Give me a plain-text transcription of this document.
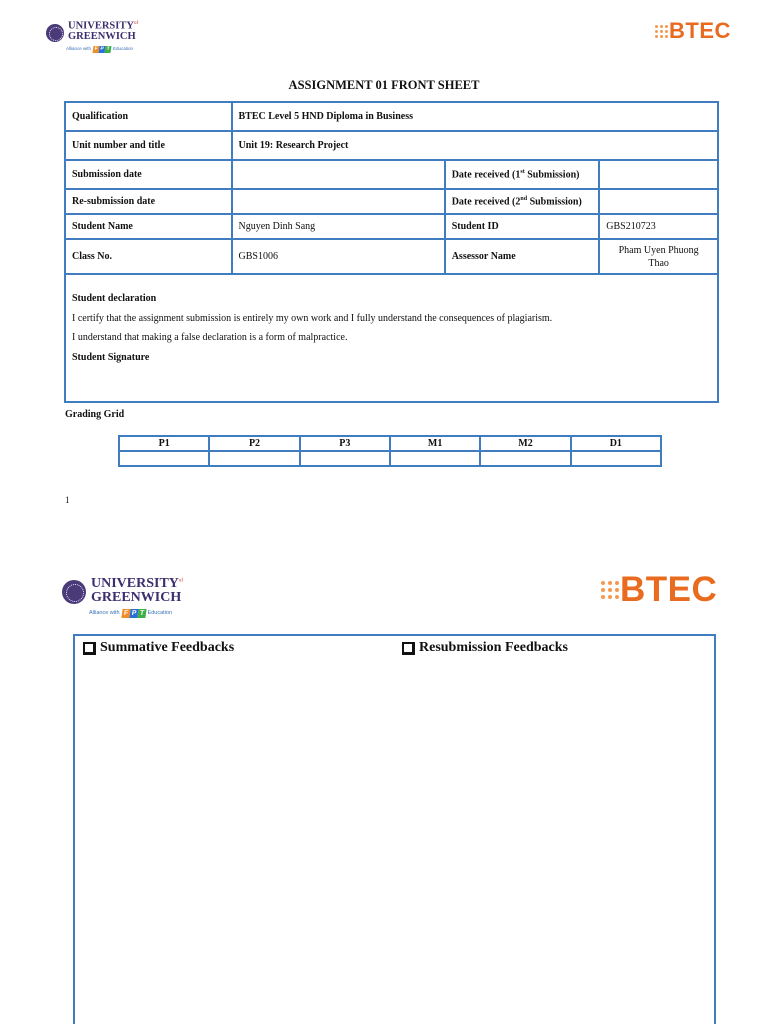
$UNIVERSITY^{of}$
GREENWICH
Alliance with F P T Education
BTEC
ASSIGNMENT 01 FRONT SHEET
Qualification	BTEC Level 5 HND Diploma in Business		
Unit number and title	Unit 19: Research Project		
Submission date		Date received (1st Submission)	
Re-submission date		Date received (2nd Submission)	
Student Name	Nguyen Dinh Sang	Student ID	GBS210723
Class No.	GBS1006	Assessor Name	Pham Uyen Phuong
Thao

Student declaration
I certify that the assignment submission is entirely my own work and I fully understand the consequences of plagiarism.
I understand that making a false declaration is a form of malpractice.
Student Signature			
Grading Grid
P1	P2	P3	M1	M2	D1

1
$UNIVERSITY^{of}$
GREENWICH
Alliance with F P T Education
BTEC
Summative Feedbacks	Resubmission Feedbacks
